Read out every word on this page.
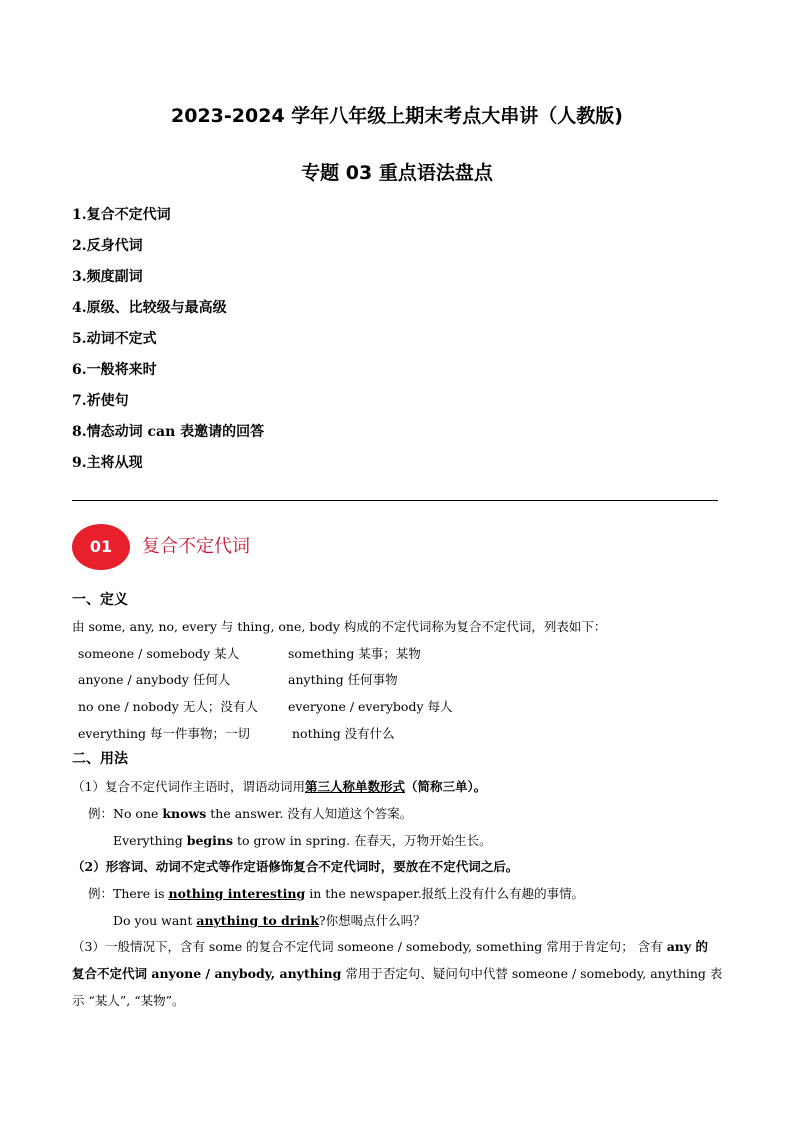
2023-2024 学年八年级上期末考点大串讲（人教版)
专题 03 重点语法盘点
1.复合不定代词
2.反身代词
3.频度副词
4.原级、比较级与最高级
5.动词不定式
6.一般将来时
7.祈使句
8.情态动词 can 表邀请的回答
9.主将从现
01	复合不定代词
一、定义
由 some, any, no, every 与 thing, one, body 构成的不定代词称为复合不定代词，列表如下：
someone / somebody 某人	something 某事；某物
anyone / anybody 任何人	anything 任何事物
no one / nobody 无人；没有人 everyone / everybody 每人
everything 每一件事物；一切	nothing 没有什么
二、用法
（1）复合不定代词作主语时，谓语动词用第三人称单数形式（简称三单）。
例：No one knows the answer. 没有人知道这个答案。
Everything begins to grow in spring. 在春天，万物开始生长。
（2）形容词、动词不定式等作定语修饰复合不定代词时，要放在不定代词之后。
例：There is nothing interesting in the newspaper.报纸上没有什么有趣的事情。
Do you want anything to drink?你想喝点什么吗？
（3）一般情况下，含有 some 的复合不定代词 someone / somebody, something 常用于肯定句； 含有 any 的
复合不定代词 anyone / anybody, anything 常用于否定句、疑问句中代替 someone / somebody, anything 表
示 “某人”, “某物”。
